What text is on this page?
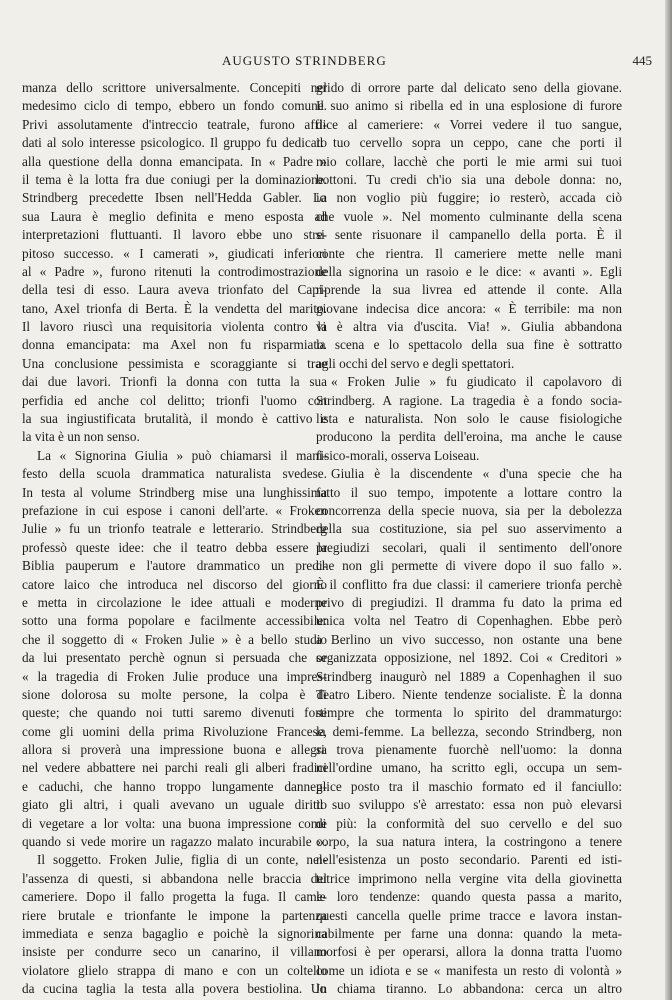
AUGUSTO STRINDBERG	445
manza dello scrittore universalmente. Concepiti nel
medesimo ciclo di tempo, ebbero un fondo comune.
Privi assolutamente d'intreccio teatrale, furono affi-
dati al solo interesse psicologico. Il gruppo fu dedicato
alla questione della donna emancipata. In « Padre »
il tema è la lotta fra due coniugi per la dominazione.
Strindberg precedette Ibsen nell'Hedda Gabler. La
sua Laura è meglio definita e meno esposta ad
interpretazioni fluttuanti. Il lavoro ebbe uno stre-
pitoso successo. « I camerati », giudicati inferiori
al « Padre », furono ritenuti la controdimostrazione
della tesi di esso. Laura aveva trionfato del Capi-
tano, Axel trionfa di Berta. È la vendetta del marito.
Il lavoro riuscì una requisitoria violenta contro la
donna emancipata: ma Axel non fu risparmiato.
Una conclusione pessimista e scoraggiante si trae
dai due lavori. Trionfi la donna con tutta la sua
perfidia ed anche col delitto; trionfi l'uomo con
la sua ingiustificata brutalità, il mondo è cattivo e
la vita è un non senso.
La « Signorina Giulia » può chiamarsi il mani-
festo della scuola drammatica naturalista svedese.
In testa al volume Strindberg mise una lunghissima
prefazione in cui espose i canoni dell'arte. « Froken
Julie » fu un trionfo teatrale e letterario. Strindberg
professò queste idee: che il teatro debba essere la
Biblia pauperum e l'autore drammatico un predi-
catore laico che introduca nel discorso del giorno
e metta in circolazione le idee attuali e moderne
sotto una forma popolare e facilmente accessibile:
che il soggetto di « Froken Julie » è a bello studio
da lui presentato perchè ognun si persuada che se
« la tragedia di Froken Julie produce una impres-
sione dolorosa su molte persone, la colpa è di
queste; che quando noi tutti saremo divenuti forti
come gli uomini della prima Rivoluzione Francese,
allora si proverà una impressione buona e allegra
nel vedere abbattere nei parchi reali gli alberi fradici
e caduchi, che hanno troppo lungamente danneg-
giato gli altri, i quali avevano un uguale diritto
di vegetare a lor volta: una buona impressione come
quando si vede morire un ragazzo malato incurabile ».
Il soggetto. Froken Julie, figlia di un conte, nel-
l'assenza di questi, si abbandona nelle braccia del
cameriere. Dopo il fallo progetta la fuga. Il came-
riere brutale e trionfante le impone la partenza
immediata e senza bagaglio e poichè la signorina
insiste per condurre seco un canarino, il villano
violatore glielo strappa di mano e con un coltello
da cucina taglia la testa alla povera bestiolina. Un
grido di orrore parte dal delicato seno della giovane.
Il suo animo si ribella ed in una esplosione di furore
dice al cameriere: « Vorrei vedere il tuo sangue,
il tuo cervello sopra un ceppo, cane che porti il
mio collare, lacchè che porti le mie armi sui tuoi
bottoni. Tu credi ch'io sia una debole donna: no,
io non voglio più fuggire; io resterò, accada ciò
che vuole ». Nel momento culminante della scena
si sente risuonare il campanello della porta. È il
conte che rientra. Il cameriere mette nelle mani
della signorina un rasoio e le dice: « avanti ». Egli
riprende la sua livrea ed attende il conte. Alla
giovane indecisa dice ancora: « È terribile: ma non
vi è altra via d'uscita. Via! ». Giulia abbandona
la scena e lo spettacolo della sua fine è sottratto
agli occhi del servo e degli spettatori.
« Froken Julie » fu giudicato il capolavoro di
Strindberg. A ragione. La tragedia è a fondo socia-
lista e naturalista. Non solo le cause fisiologiche
producono la perdita dell'eroina, ma anche le cause
fisico-morali, osserva Loiseau.
Giulia è la discendente « d'una specie che ha
fatto il suo tempo, impotente a lottare contro la
concorrenza della specie nuova, sia per la debolezza
della sua costituzione, sia pel suo asservimento a
pregiudizi secolari, quali il sentimento dell'onore
che non gli permette di vivere dopo il suo fallo ».
È il conflitto fra due classi: il cameriere trionfa perchè
privo di pregiudizi. Il dramma fu dato la prima ed
unica volta nel Teatro di Copenhaghen. Ebbe però
a Berlino un vivo successo, non ostante una bene
organizzata opposizione, nel 1892. Coi « Creditori »
Strindberg inaugurò nel 1889 a Copenhaghen il suo
Teatro Libero. Niente tendenze socialiste. È la donna
sempre che tormenta lo spirito del drammaturgo:
la demi-femme. La bellezza, secondo Strindberg, non
si trova pienamente fuorchè nell'uomo: la donna
nell'ordine umano, ha scritto egli, occupa un sem-
plice posto tra il maschio formato ed il fanciullo:
il suo sviluppo s'è arrestato: essa non può elevarsi
di più: la conformità del suo cervello e del suo
corpo, la sua natura intera, la costringono a tenere
nell'esistenza un posto secondario. Parenti ed isti-
tutrice imprimono nella vergine vita della giovinetta
le loro tendenze: quando questa passa a marito,
questi cancella quelle prime tracce e lavora instan-
cabilmente per farne una donna: quando la meta-
morfosi è per operarsi, allora la donna tratta l'uomo
come un idiota e se « manifesta un resto di volontà »
lo chiama tiranno. Lo abbandona: cerca un altro
